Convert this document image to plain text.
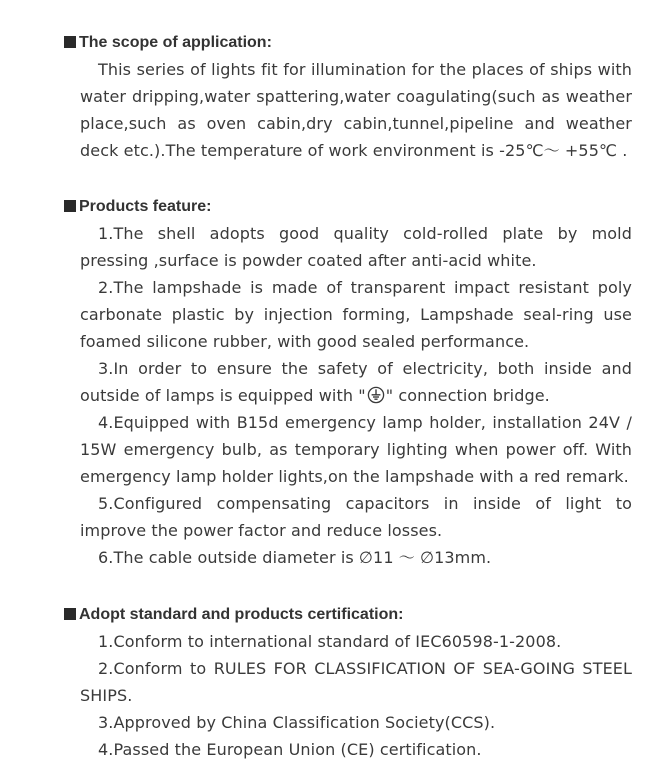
The scope of application:
This series of lights fit for illumination for the places of ships with water dripping,water spattering,water coagulating(such as weather place,such as oven cabin,dry cabin,tunnel,pipeline and weather deck etc.).The temperature of work environment is -25℃～ +55℃ .
Products feature:
1.The shell adopts good quality cold-rolled plate by mold pressing ,surface is powder coated after anti-acid white.
2.The lampshade is made of transparent impact resistant poly carbonate plastic by injection forming, Lampshade seal-ring use foamed silicone rubber, with good sealed performance.
3.In order to ensure the safety of electricity, both inside and outside of lamps is equipped with " " connection bridge.
4.Equipped with B15d emergency lamp holder, installation 24V / 15W emergency bulb, as temporary lighting when power off. With emergency lamp holder lights,on the lampshade with a red remark.
5.Configured compensating capacitors in inside of light to improve the power factor and reduce losses.
6.The cable outside diameter is ∅11 ～ ∅13mm.
Adopt standard and products certification:
1.Conform to international standard of IEC60598-1-2008.
2.Conform to RULES FOR CLASSIFICATION OF SEA-GOING STEEL SHIPS.
3.Approved by China Classification Society(CCS).
4.Passed the European Union (CE) certification.
